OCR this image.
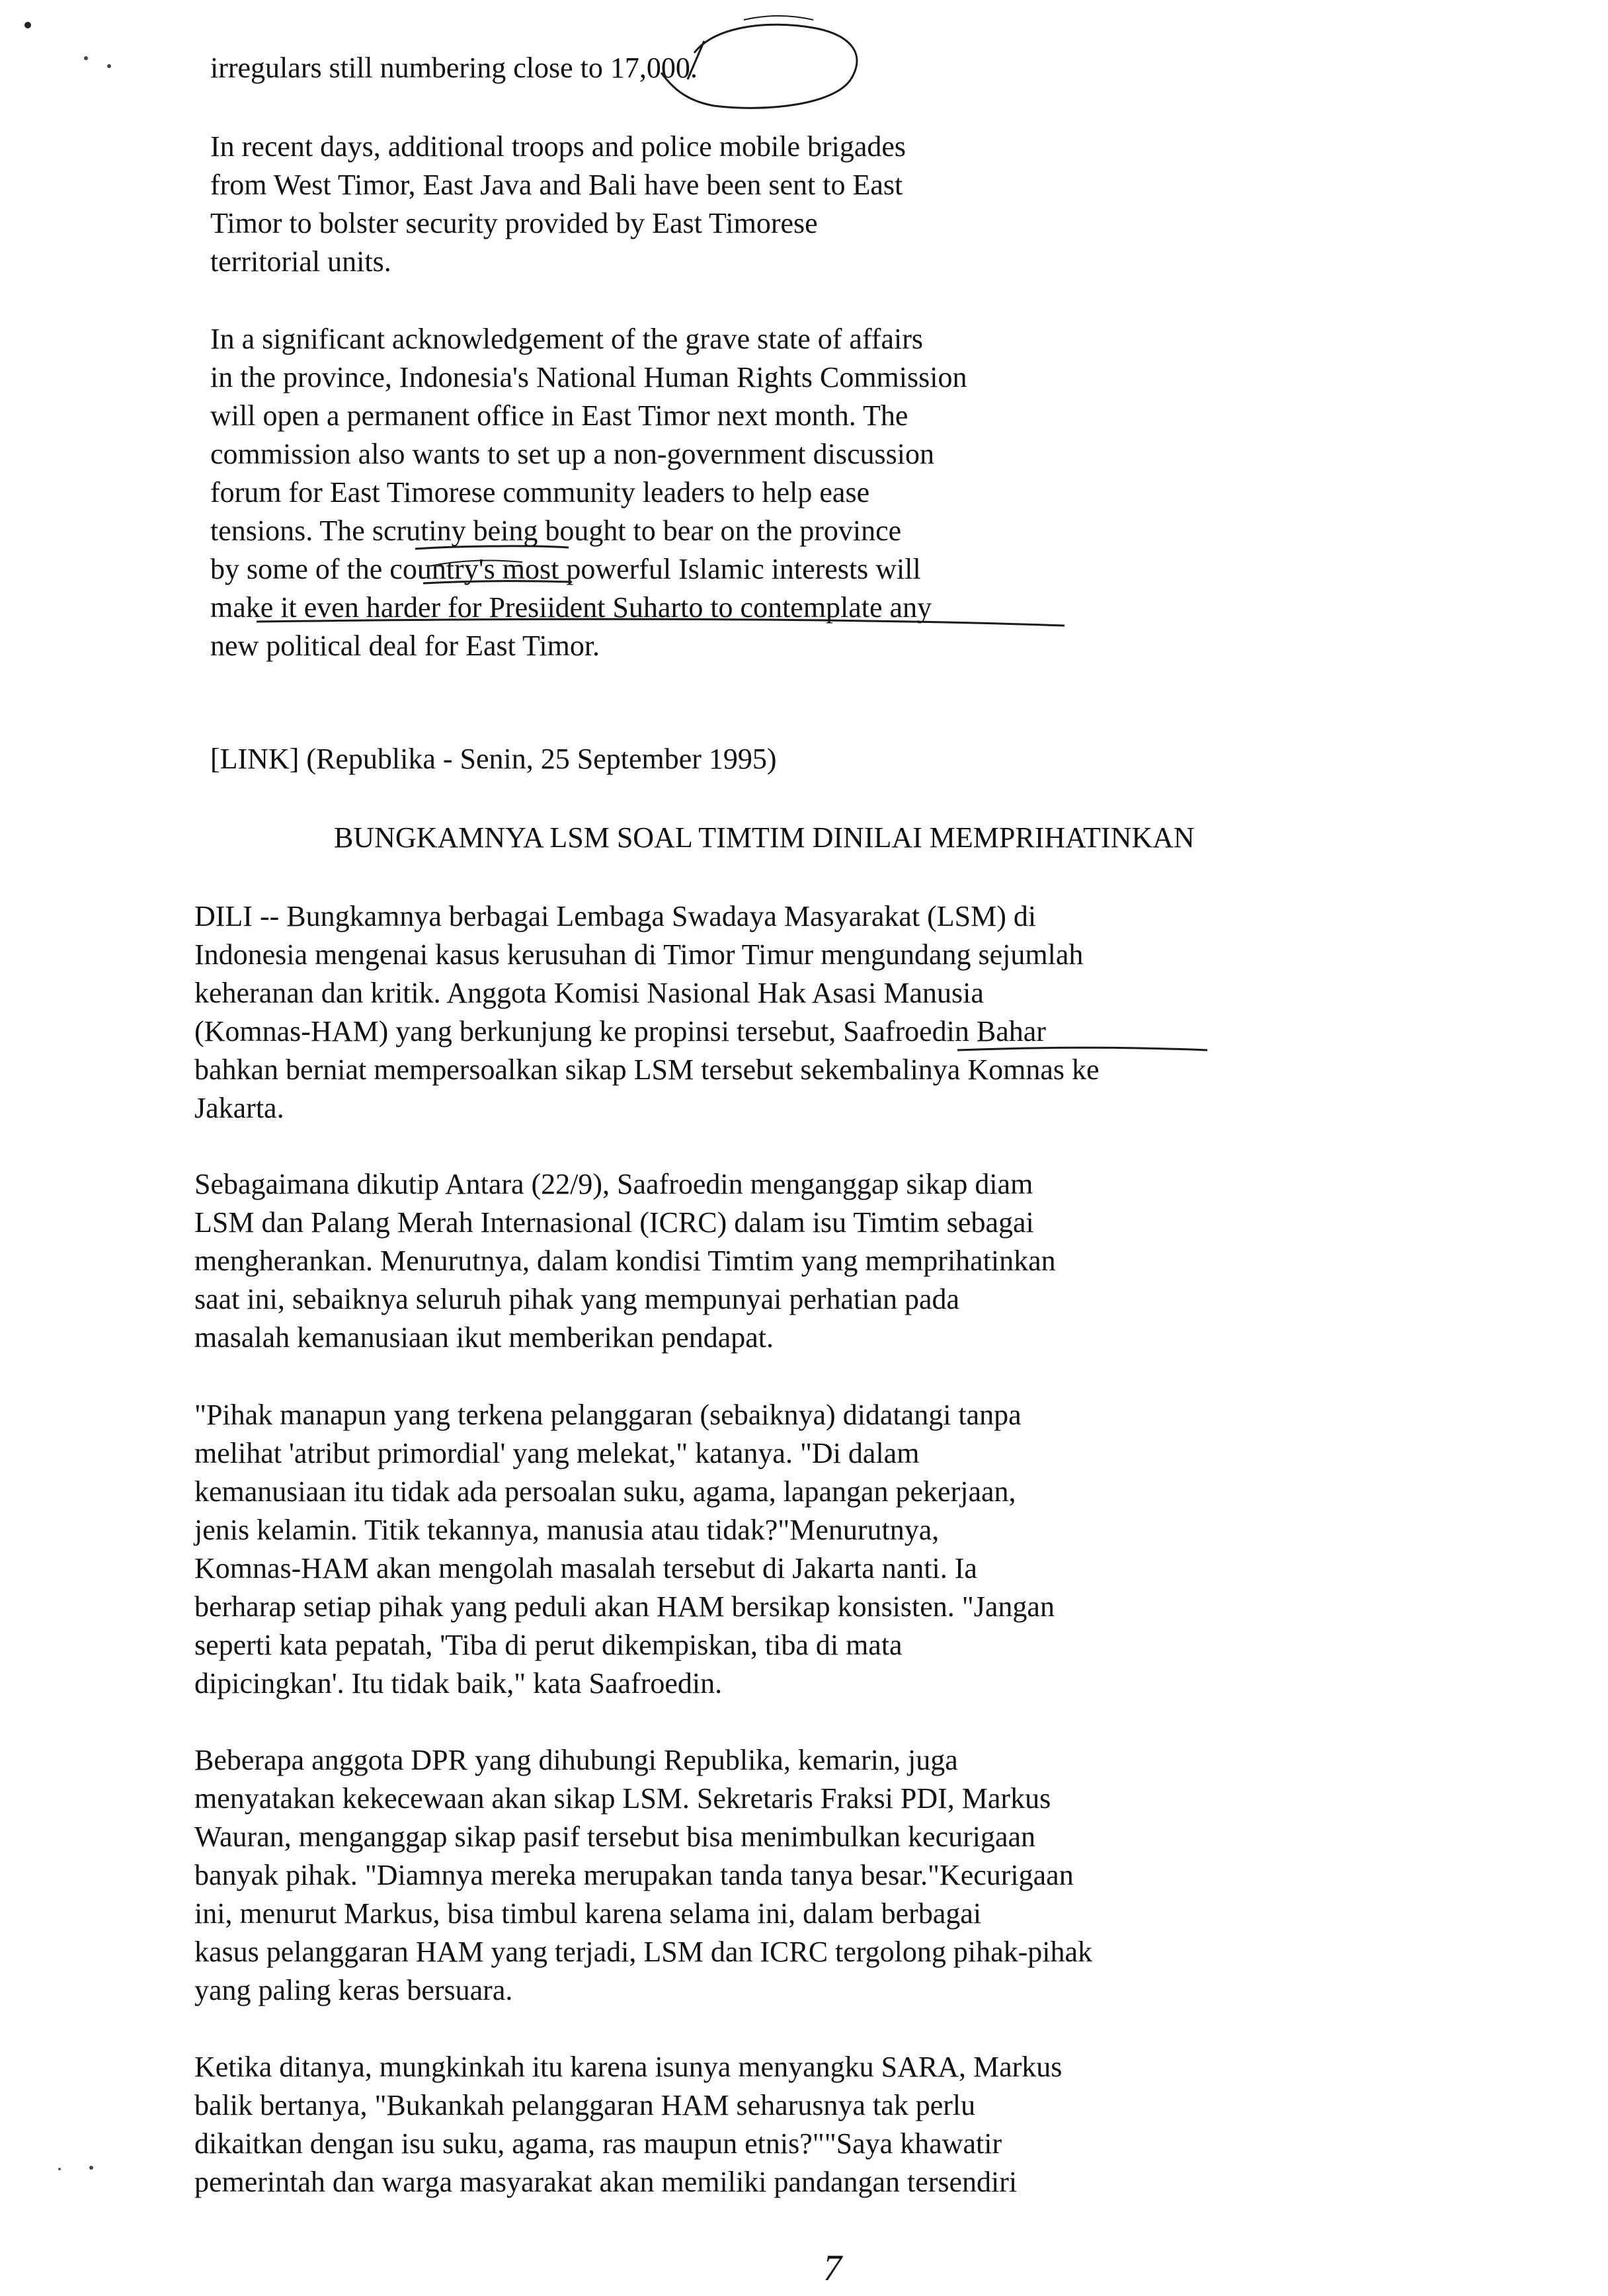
irregulars still numbering close to 17,000.

In recent days, additional troops and police mobile brigades

from West Timor, East Java and Bali have been sent to East

Timor to bolster security provided by East Timorese

territorial units.

In a significant acknowledgement of the grave state of affairs

in the province, Indonesia's National Human Rights Commission

will open a permanent office in East Timor next month. The

commission also wants to set up a non-government discussion

forum for East Timorese community leaders to help ease

tensions. The scrutiny being bought to bear on the province

by some of the country's most powerful Islamic interests will

make it even harder for Presiident Suharto to contemplate any

new political deal for East Timor.

[LINK] (Republika - Senin, 25 September 1995)

BUNGKAMNYA LSM SOAL TIMTIM DINILAI MEMPRIHATINKAN

DILI -- Bungkamnya berbagai Lembaga Swadaya Masyarakat (LSM) di

Indonesia mengenai kasus kerusuhan di Timor Timur mengundang sejumlah

keheranan dan kritik. Anggota Komisi Nasional Hak Asasi Manusia

(Komnas-HAM) yang berkunjung ke propinsi tersebut, Saafroedin Bahar

bahkan berniat mempersoalkan sikap LSM tersebut sekembalinya Komnas ke

Jakarta.

Sebagaimana dikutip Antara (22/9), Saafroedin menganggap sikap diam

LSM dan Palang Merah Internasional (ICRC) dalam isu Timtim sebagai

mengherankan. Menurutnya, dalam kondisi Timtim yang memprihatinkan

saat ini, sebaiknya seluruh pihak yang mempunyai perhatian pada

masalah kemanusiaan ikut memberikan pendapat.

"Pihak manapun yang terkena pelanggaran (sebaiknya) didatangi tanpa

melihat 'atribut primordial' yang melekat," katanya. "Di dalam

kemanusiaan itu tidak ada persoalan suku, agama, lapangan pekerjaan,

jenis kelamin. Titik tekannya, manusia atau tidak?"Menurutnya,

Komnas-HAM akan mengolah masalah tersebut di Jakarta nanti. Ia

berharap setiap pihak yang peduli akan HAM bersikap konsisten. "Jangan

seperti kata pepatah, 'Tiba di perut dikempiskan, tiba di mata

dipicingkan'. Itu tidak baik," kata Saafroedin.

Beberapa anggota DPR yang dihubungi Republika, kemarin, juga

menyatakan kekecewaan akan sikap LSM. Sekretaris Fraksi PDI, Markus

Wauran, menganggap sikap pasif tersebut bisa menimbulkan kecurigaan

banyak pihak. "Diamnya mereka merupakan tanda tanya besar."Kecurigaan

ini, menurut Markus, bisa timbul karena selama ini, dalam berbagai

kasus pelanggaran HAM yang terjadi, LSM dan ICRC tergolong pihak-pihak

yang paling keras bersuara.

Ketika ditanya, mungkinkah itu karena isunya menyangku SARA, Markus

balik bertanya, "Bukankah pelanggaran HAM seharusnya tak perlu

dikaitkan dengan isu suku, agama, ras maupun etnis?""Saya khawatir

pemerintah dan warga masyarakat akan memiliki pandangan tersendiri

7
